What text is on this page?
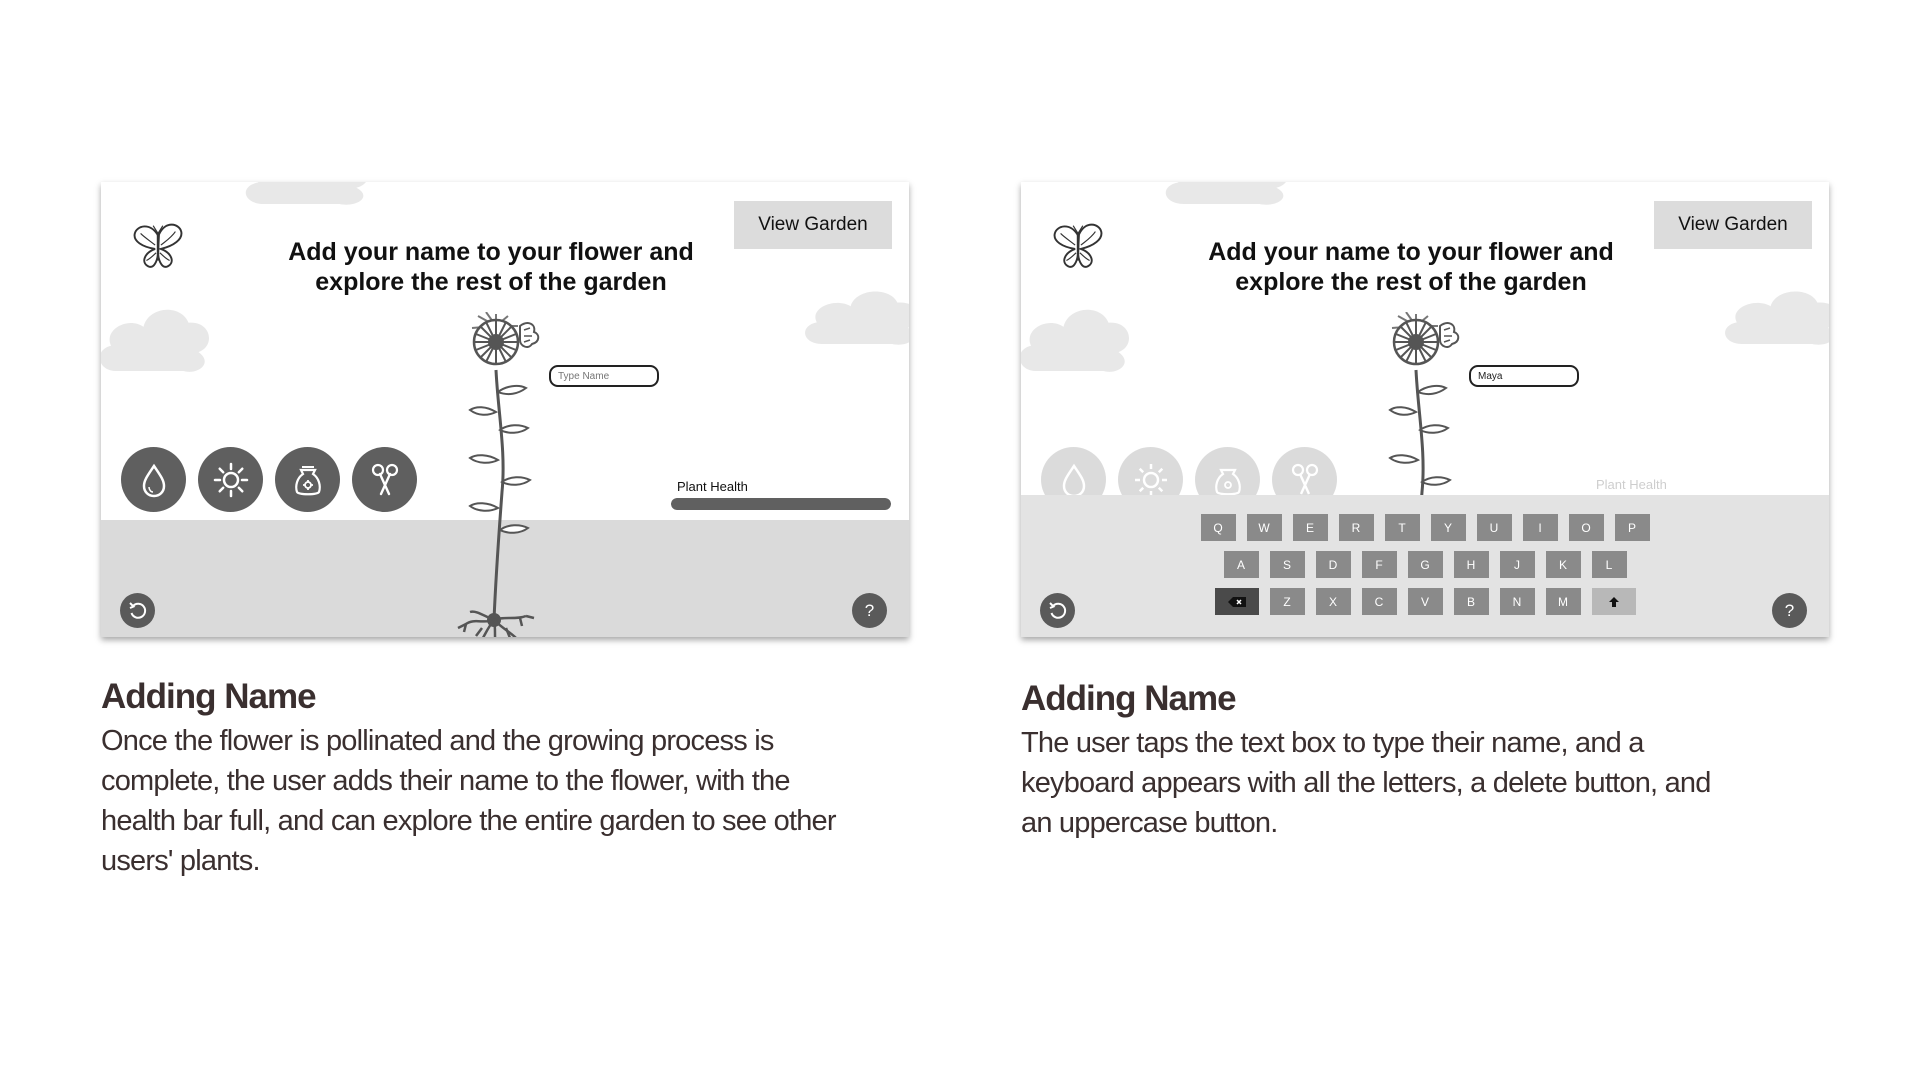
View Garden
Add your name to your flower and
explore the rest of the garden
Type Name
Plant Health
?
Adding Name

Once the flower is pollinated and the growing process is
complete, the user adds their name to the flower, with the
health bar full, and can explore the entire garden to see other
users' plants.

View Garden
Add your name to your flower and
explore the rest of the garden
Maya
Plant Health
Q	W	E	R	T	Y	U	I	O	P
A	S	D	F	G	H	J	K	L
Z	X	C	V	B	N	M	?
Adding Name

The user taps the text box to type their name, and a
keyboard appears with all the letters, a delete button, and
an uppercase button.
